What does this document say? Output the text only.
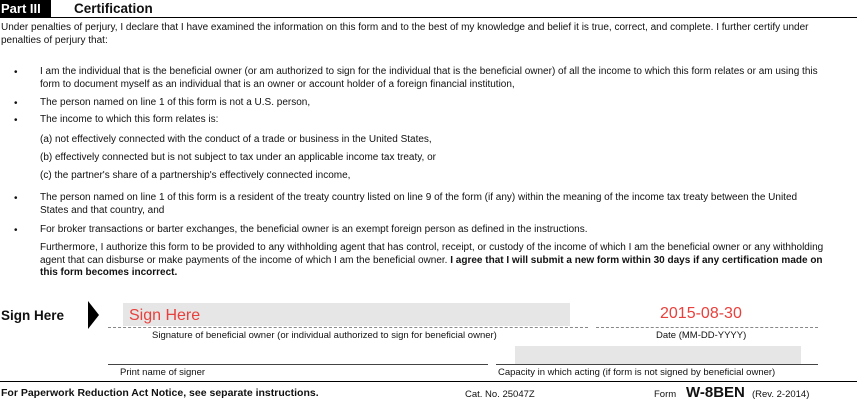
Part III	Certification
Under penalties of perjury, I declare that I have examined the information on this form and to the best of my knowledge and belief it is true, correct, and complete. I further certify under penalties of perjury that:
• I am the individual that is the beneficial owner (or am authorized to sign for the individual that is the beneficial owner) of all the income to which this form relates or am using this form to document myself as an individual that is an owner or account holder of a foreign financial institution,
• The person named on line 1 of this form is not a U.S. person,
• The income to which this form relates is:
(a) not effectively connected with the conduct of a trade or business in the United States,
(b) effectively connected but is not subject to tax under an applicable income tax treaty, or
(c) the partner's share of a partnership's effectively connected income,
• The person named on line 1 of this form is a resident of the treaty country listed on line 9 of the form (if any) within the meaning of the income tax treaty between the United States and that country, and
• For broker transactions or barter exchanges, the beneficial owner is an exempt foreign person as defined in the instructions.
Furthermore, I authorize this form to be provided to any withholding agent that has control, receipt, or custody of the income of which I am the beneficial owner or any withholding agent that can disburse or make payments of the income of which I am the beneficial owner. I agree that I will submit a new form within 30 days if any certification made on this form becomes incorrect.
Sign Here	Sign Here	2015-08-30
Signature of beneficial owner (or individual authorized to sign for beneficial owner)	Date (MM-DD-YYYY)
Print name of signer	Capacity in which acting (if form is not signed by beneficial owner)
For Paperwork Reduction Act Notice, see separate instructions.	Cat. No. 25047Z	Form W-8BEN (Rev. 2-2014)
